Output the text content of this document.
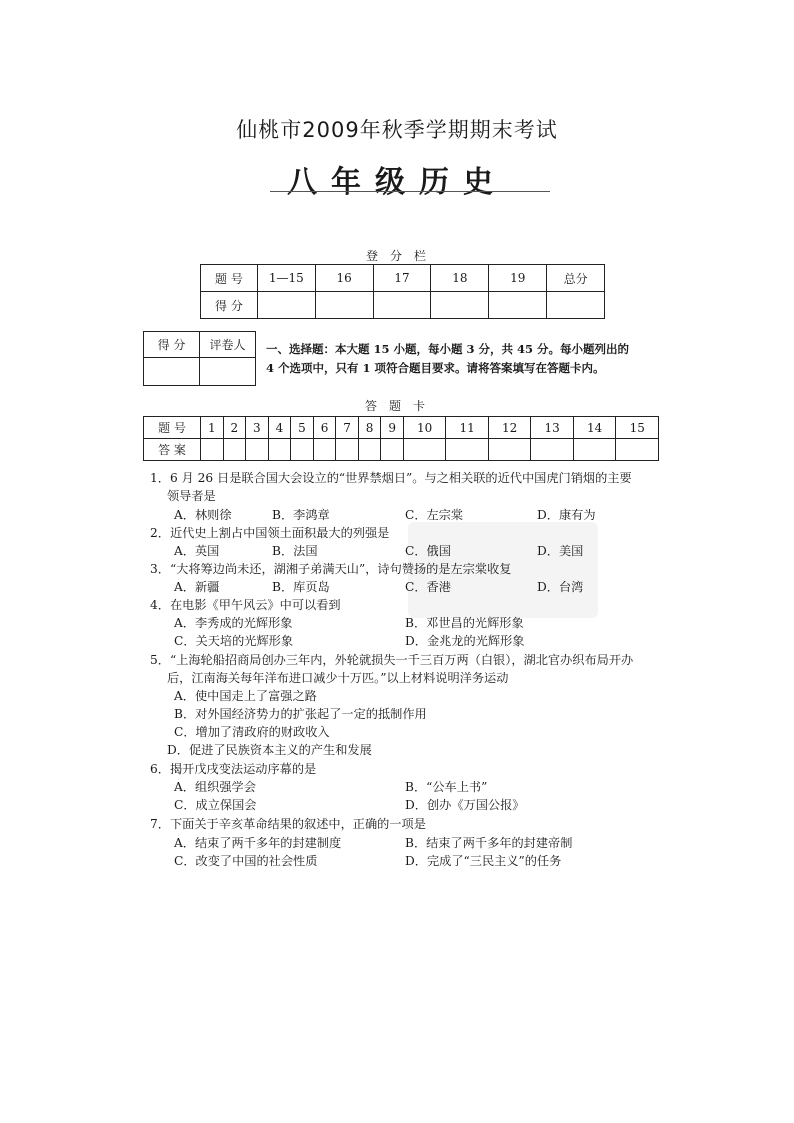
仙桃市2009年秋季学期期末考试
八年级历史
登分栏
题 号	1—15	16	17	18	19	总分
得 分						
得 分	评卷人
	一、选择题：本大题 15 小题，每小题 3 分，共 45 分。每小题列出的
4 个选项中，只有 1 项符合题目要求。请将答案填写在答题卡内。
答题卡
题 号	1	2	3	4	5	6	7	8	9	10	11	12	13	14	15
答 案															
1．6 月 26 日是联合国大会设立的“世界禁烟日”。与之相关联的近代中国虎门销烟的主要
领导者是
A．林则徐	B．李鸿章	C．左宗棠	D．康有为
2．近代史上割占中国领土面积最大的列强是
A．英国	B．法国	C．俄国	D．美国
3．“大将筹边尚未还，湖湘子弟满天山”，诗句赞扬的是左宗棠收复
A．新疆	B．库页岛	C．香港	D．台湾
4．在电影《甲午风云》中可以看到
A．李秀成的光辉形象	B．邓世昌的光辉形象
C．关天培的光辉形象	D．金兆龙的光辉形象
5．“上海轮船招商局创办三年内，外轮就损失一千三百万两（白银），湖北官办织布局开办
后，江南海关每年洋布进口减少十万匹。”以上材料说明洋务运动
A．使中国走上了富强之路
B．对外国经济势力的扩张起了一定的抵制作用
C．增加了清政府的财政收入
D．促进了民族资本主义的产生和发展
6．揭开戊戌变法运动序幕的是
A．组织强学会	B．“公车上书”
C．成立保国会	D．创办《万国公报》
7．下面关于辛亥革命结果的叙述中，正确的一项是
A．结束了两千多年的封建制度	B．结束了两千多年的封建帝制
C．改变了中国的社会性质	D．完成了“三民主义”的任务
